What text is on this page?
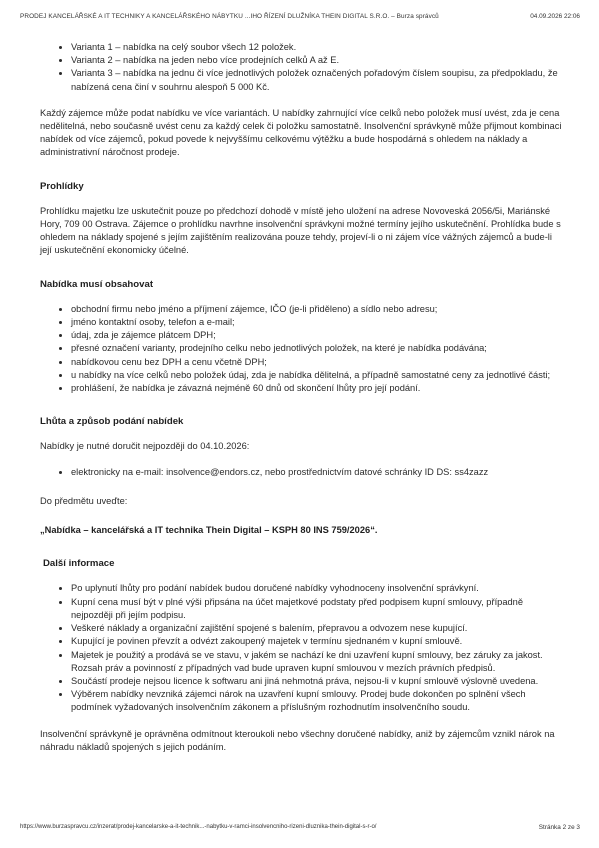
PRODEJ KANCELÁŘSKÉ A IT TECHNIKY A KANCELÁŘSKÉHO NÁBYTKU ...IHO ŘÍZENÍ DLUŽNÍKA THEIN DIGITAL S.R.O. – Burza správců	04.09.2026 22:06
• Varianta 1 – nabídka na celý soubor všech 12 položek.
• Varianta 2 – nabídka na jeden nebo více prodejních celků A až E.
• Varianta 3 – nabídka na jednu či více jednotlivých položek označených pořadovým číslem soupisu, za předpokladu, že nabízená cena činí v souhrnu alespoň 5 000 Kč.

Každý zájemce může podat nabídku ve více variantách. U nabídky zahrnující více celků nebo položek musí uvést, zda je cena nedělitelná, nebo současně uvést cenu za každý celek či položku samostatně. Insolvenční správkyně může přijmout kombinaci nabídek od více zájemců, pokud povede k nejvyššímu celkovému výtěžku a bude hospodárná s ohledem na náklady a administrativní náročnost prodeje.

Prohlídky

Prohlídku majetku lze uskutečnit pouze po předchozí dohodě v místě jeho uložení na adrese Novoveská 2056/5i, Mariánské Hory, 709 00 Ostrava. Zájemce o prohlídku navrhne insolvenční správkyni možné termíny jejího uskutečnění. Prohlídka bude s ohledem na náklady spojené s jejím zajištěním realizována pouze tehdy, projeví-li o ni zájem více vážných zájemců a bude-li její uskutečnění ekonomicky účelné.

Nabídka musí obsahovat
• obchodní firmu nebo jméno a příjmení zájemce, IČO (je-li přiděleno) a sídlo nebo adresu;
• jméno kontaktní osoby, telefon a e-mail;
• údaj, zda je zájemce plátcem DPH;
• přesné označení varianty, prodejního celku nebo jednotlivých položek, na které je nabídka podávána;
• nabídkovou cenu bez DPH a cenu včetně DPH;
• u nabídky na více celků nebo položek údaj, zda je nabídka dělitelná, a případně samostatné ceny za jednotlivé části;
• prohlášení, že nabídka je závazná nejméně 60 dnů od skončení lhůty pro její podání.
Lhůta a způsob podání nabídek

Nabídky je nutné doručit nejpozději do 04.10.2026:

• elektronicky na e-mail: insolvence@endors.cz, nebo prostřednictvím datové schránky ID DS: ss4zazz

Do předmětu uveďte:

„Nabídka – kancelářská a IT technika Thein Digital – KSPH 80 INS 759/2026“.

Další informace
• Po uplynutí lhůty pro podání nabídek budou doručené nabídky vyhodnoceny insolvenční správkyní.
• Kupní cena musí být v plné výši připsána na účet majetkové podstaty před podpisem kupní smlouvy, případně nejpozději při jejím podpisu.
• Veškeré náklady a organizační zajištění spojené s balením, přepravou a odvozem nese kupující.
• Kupující je povinen převzít a odvézt zakoupený majetek v termínu sjednaném v kupní smlouvě.
• Majetek je použitý a prodává se ve stavu, v jakém se nachází ke dni uzavření kupní smlouvy, bez záruky za jakost. Rozsah práv a povinností z případných vad bude upraven kupní smlouvou v mezích právních předpisů.
• Součástí prodeje nejsou licence k softwaru ani jiná nehmotná práva, nejsou-li v kupní smlouvě výslovně uvedena.
• Výběrem nabídky nevzniká zájemci nárok na uzavření kupní smlouvy. Prodej bude dokončen po splnění všech podmínek vyžadovaných insolvenčním zákonem a příslušným rozhodnutím insolvenčního soudu.

Insolvenční správkyně je oprávněna odmítnout kteroukoli nebo všechny doručené nabídky, aniž by zájemcům vznikl nárok na náhradu nákladů spojených s jejich podáním.

https://www.burzaspravcu.cz/inzerat/prodej-kancelarske-a-it-technik...-nabytku-v-ramci-insolvencniho-rizeni-dluznika-thein-digital-s-r-o/	Stránka 2 ze 3
